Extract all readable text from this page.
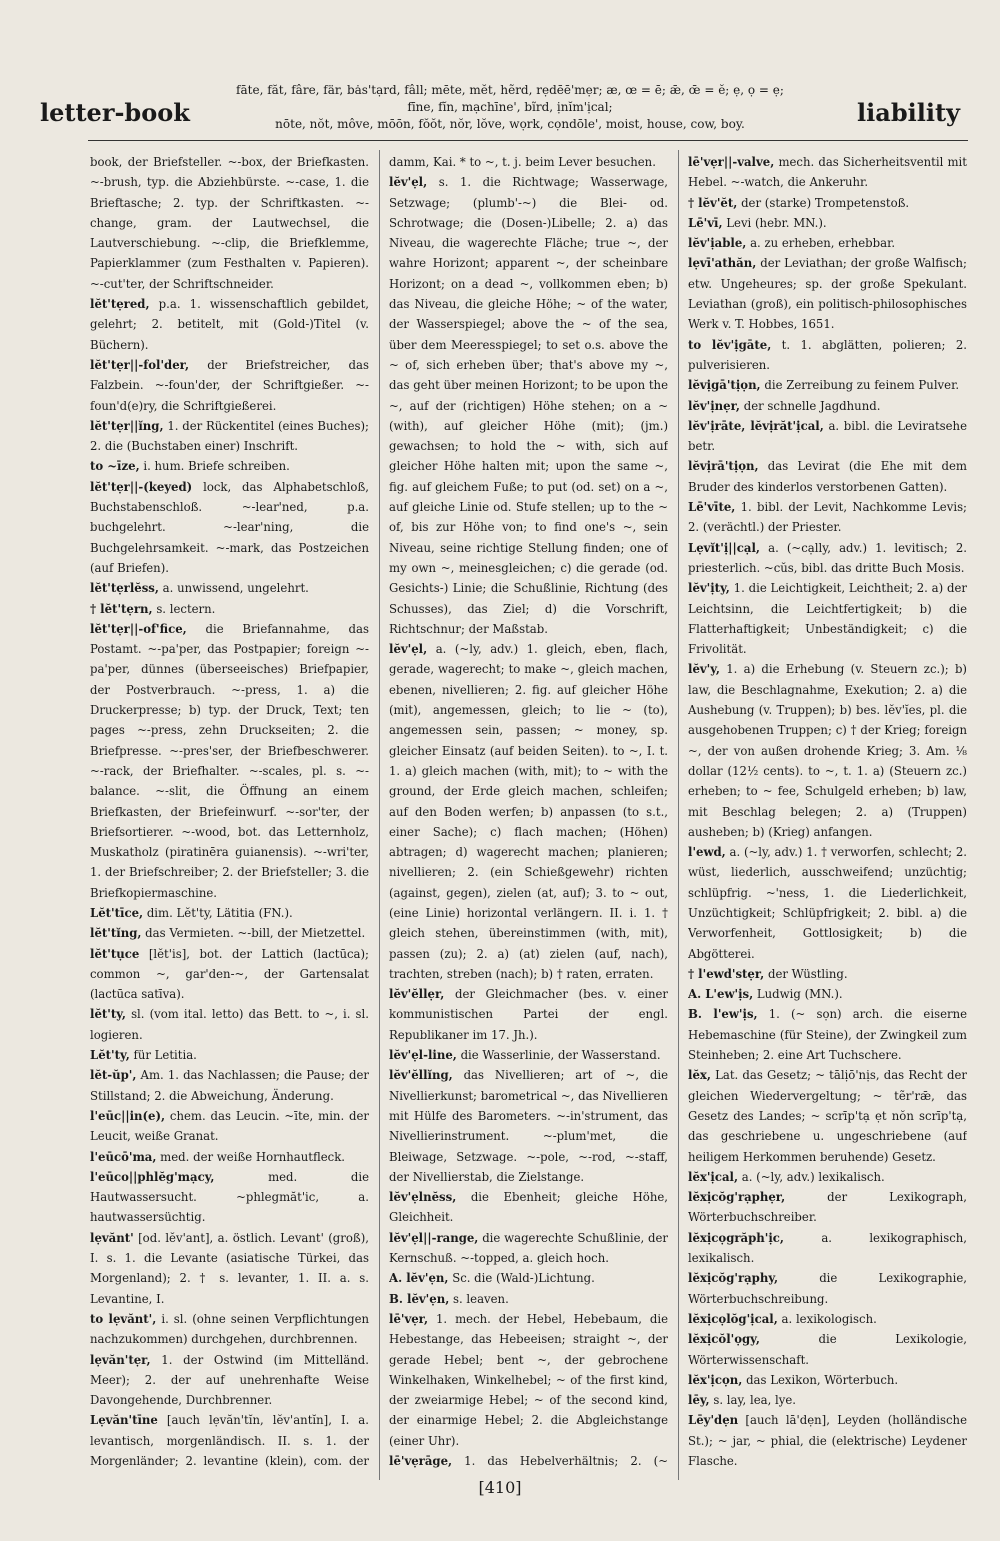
letter-book
fāte, făt, fâre, fär, bȧs'tạrd, fâll; mēte, mĕt, hẽrd, rẹdēē'mẹr; æ, œ = ē; ǣ, œ̄ = ĕ; ẹ, ọ = ẹ;
fīne, fĭn, mạchīne', bĩrd, ịnĭm'ịcal;
nōte, nŏt, môve, mōōn, fŏŏt, nŏr, lŏve, wọrk, cọndōle', moist, house, cow, boy.	liability

book, der Briefsteller. ~-box, der Briefkasten. ~-brush, typ. die Abziehbürste. ~-case, 1. die Brieftasche; 2. typ. der Schriftkasten. ~-change, gram. der Lautwechsel, die Lautverschiebung. ~-clip, die Briefklemme, Papierklammer (zum Festhalten v. Papieren). ~-cut'ter, der Schriftschneider.

lĕt'tẹred, p.a. 1. wissenschaftlich gebildet, gelehrt; 2. betitelt, mit (Gold-)Titel (v. Büchern).

lĕt'tẹr||-fol'der, der Briefstreicher, das Falzbein. ~-foun'der, der Schriftgießer. ~-foun'd(e)ry, die Schriftgießerei.

lĕt'tẹr||ĭng, 1. der Rückentitel (eines Buches); 2. die (Buchstaben einer) Inschrift.

to ~īze, i. hum. Briefe schreiben.

lĕt'tẹr||-(keyed) lock, das Alphabetschloß, Buchstabenschloß. ~-lear'ned, p.a. buchgelehrt. ~-lear'ning, die Buchgelehrsamkeit. ~-mark, das Postzeichen (auf Briefen).

lĕt'tẹrlĕss, a. unwissend, ungelehrt.

† lĕt'tẹrn, s. lectern.

lĕt'tẹr||-of'fice, die Briefannahme, das Postamt. ~-pa'per, das Postpapier; foreign ~-pa'per, dünnes (überseeisches) Briefpapier, der Postverbrauch. ~-press, 1. a) die Druckerpresse; b) typ. der Druck, Text; ten pages ~-press, zehn Druckseiten; 2. die Briefpresse. ~-pres'ser, der Briefbeschwerer. ~-rack, der Briefhalter. ~-scales, pl. s. ~-balance. ~-slit, die Öffnung an einem Briefkasten, der Briefeinwurf. ~-sor'ter, der Briefsortierer. ~-wood, bot. das Letternholz, Muskatholz (piratinēra guianensis). ~-wri'ter, 1. der Briefschreiber; 2. der Briefsteller; 3. die Briefkopiermaschine.

Lĕt'tīce, dim. Lĕt'ty, Lätitia (FN.).

lĕt'tĭng, das Vermieten. ~-bill, der Mietzettel.

lĕt'tụce [lĕt'is], bot. der Lattich (lactūca); common ~, gar'den-~, der Gartensalat (lactūca satīva).

lĕt'ty, sl. (vom ital. letto) das Bett. to ~, i. sl. logieren.

Lĕt'ty, für Letitia.

lĕt-ŭp', Am. 1. das Nachlassen; die Pause; der Stillstand; 2. die Abweichung, Änderung.

l'eūc||in(e), chem. das Leucin. ~īte, min. der Leucit, weiße Granat.

l'eūcō'ma, med. der weiße Hornhautfleck.

l'eūco||phlĕg'mạcy,	med. die Hautwassersucht. ~phlegmăt'ic, a. hautwassersüchtig.

lẹvănt' [od. lĕv'ant], a. östlich. Levant' (groß), I. s. 1. die Levante (asiatische Türkei, das Morgenland); 2. † s. levanter, 1. II. a. s. Levantine, I.

to lẹvănt', i. sl. (ohne seinen Verpflichtungen nachzukommen) durchgehen, durchbrennen.

lẹvăn'tẹr, 1. der Ostwind (im Mittelländ. Meer); 2. der auf unehrenhafte Weise Davongehende, Durchbrenner.

Lẹvăn'tīne [auch lẹvăn'tĭn, lĕv'antĭn], I. a. levantisch, morgenländisch. II. s. 1. der Morgenländer; 2. levantine (klein), com. der

damm, Kai. * to ~, t. j. beim Lever besuchen.

lĕv'ẹl, s. 1. die Richtwage; Wasserwage, Setzwage; (plumb'-~) die Blei- od. Schrotwage; die (Dosen-)Libelle; 2. a) das Niveau, die wagerechte Fläche; true ~, der wahre Horizont; apparent ~, der scheinbare Horizont; on a dead ~, vollkommen eben; b) das Niveau, die gleiche Höhe; ~ of the water, der Wasserspiegel; above the ~ of the sea, über dem Meeresspiegel; to set o.s. above the ~ of, sich erheben über; that's above my ~, das geht über meinen Horizont; to be upon the ~, auf der (richtigen) Höhe stehen; on a ~ (with), auf gleicher Höhe (mit); (jm.) gewachsen; to hold the ~ with, sich auf gleicher Höhe halten mit; upon the same ~, fig. auf gleichem Fuße; to put (od. set) on a ~, auf gleiche Linie od. Stufe stellen; up to the ~ of, bis zur Höhe von; to find one's ~, sein Niveau, seine richtige Stellung finden; one of my own ~, meinesgleichen; c) die gerade (od. Gesichts-) Linie; die Schußlinie, Richtung (des Schusses), das Ziel; d) die Vorschrift, Richtschnur; der Maßstab.

lĕv'ẹl, a. (~ly, adv.) 1. gleich, eben, flach, gerade, wagerecht; to make ~, gleich machen, ebenen, nivellieren; 2. fig. auf gleicher Höhe (mit), angemessen, gleich; to lie ~ (to), angemessen sein, passen; ~ money, sp. gleicher Einsatz (auf beiden Seiten). to ~, I. t. 1. a) gleich machen (with, mit); to ~ with the ground, der Erde gleich machen, schleifen; auf den Boden werfen; b) anpassen (to s.t., einer Sache); c) flach machen; (Höhen) abtragen; d) wagerecht machen; planieren; nivellieren; 2. (ein Schießgewehr) richten (against, gegen), zielen (at, auf); 3. to ~ out, (eine Linie) horizontal verlängern. II. i. 1. † gleich stehen, übereinstimmen (with, mit), passen (zu); 2. a) (at) zielen (auf, nach), trachten, streben (nach); b) † raten, erraten.

lĕv'ĕllẹr, der Gleichmacher (bes. v. einer kommunistischen Partei der engl. Republikaner im 17. Jh.).

lĕv'ẹl-line, die Wasserlinie, der Wasserstand.

lĕv'ĕllĭng, das Nivellieren; art of ~, die Nivellierkunst; barometrical ~, das Nivellieren mit Hülfe des Barometers. ~-in'strument, das Nivellierinstrument. ~-plum'met, die Bleiwage, Setzwage. ~-pole, ~-rod, ~-staff, der Nivellierstab, die Zielstange.

lĕv'ẹlnĕss, die Ebenheit; gleiche Höhe, Gleichheit.

lĕv'ẹl||-range, die wagerechte Schußlinie, der Kernschuß. ~-topped, a. gleich hoch.

A. lĕv'ẹn, Sc. die (Wald-)Lichtung.

B. lĕv'ẹn, s. leaven.

lē'vẹr, 1. mech. der Hebel, Hebebaum, die Hebestange, das Hebeeisen; straight ~, der gerade Hebel; bent ~, der gebrochene Winkelhaken, Winkelhebel; ~ of the first kind, der zweiarmige Hebel; ~ of the second kind, der einarmige Hebel; 2. die Abgleichstange (einer Uhr).

lē'vẹrāge, 1. das Hebelverhältnis; 2. (~

lē'vẹr||-valve, mech. das Sicherheitsventil mit Hebel. ~-watch, die Ankeruhr.

† lĕv'ĕt, der (starke) Trompetenstoß.

Lē'vī, Levi (hebr. MN.).

lĕv'ịable, a. zu erheben, erhebbar.

lẹvī'athăn, der Leviathan; der große Walfisch; etw. Ungeheures; sp. der große Spekulant. Leviathan (groß), ein politisch-philosophisches Werk v. T. Hobbes, 1651.

to lĕv'ịgāte, t. 1. abglätten, polieren; 2. pulverisieren.

lĕvịgā'tịọn, die Zerreibung zu feinem Pulver.

lĕv'ịnẹr, der schnelle Jagdhund.

lĕv'ịrāte, lĕvịrăt'ịcal, a. bibl. die Leviratsehe betr.

lĕvịrā'tịọn, das Levirat (die Ehe mit dem Bruder des kinderlos verstorbenen Gatten).

Lē'vīte, 1. bibl. der Levit, Nachkomme Levis; 2. (verächtl.) der Priester.

Lẹvĭt'ị||cạl, a. (~cạlly, adv.) 1. levitisch; 2. priesterlich. ~cŭs, bibl. das dritte Buch Mosis.

lĕv'ịty, 1. die Leichtigkeit, Leichtheit; 2. a) der Leichtsinn, die Leichtfertigkeit; b) die Flatterhaftigkeit; Unbeständigkeit; c) die Frivolität.

lĕv'y, 1. a) die Erhebung (v. Steuern zc.); b) law, die Beschlagnahme, Exekution; 2. a) die Aushebung (v. Truppen); b) bes. lĕv'ĭes, pl. die ausgehobenen Truppen; c) † der Krieg; foreign ~, der von außen drohende Krieg; 3. Am. ⅛ dollar (12½ cents). to ~, t. 1. a) (Steuern zc.) erheben; to ~ fee, Schulgeld erheben; b) law, mit Beschlag belegen; 2. a) (Truppen) ausheben; b) (Krieg) anfangen.

l'ewd, a. (~ly, adv.) 1. † verworfen, schlecht; 2. wüst, liederlich, ausschweifend; unzüchtig; schlüpfrig. ~'ness, 1. die Liederlichkeit, Unzüchtigkeit; Schlüpfrigkeit; 2. bibl. a) die Verworfenheit, Gottlosigkeit; b) die Abgötterei.

† l'ewd'stẹr, der Wüstling.

A. L'ew'ịs, Ludwig (MN.).

B. l'ew'ịs, 1. (~ sọn) arch. die eiserne Hebemaschine (für Steine), der Zwingkeil zum Steinheben; 2. eine Art Tuchschere.

lĕx, Lat. das Gesetz; ~ tālịō'nịs, das Recht der gleichen Wiedervergeltung; ~ tẽr'rǣ, das Gesetz des Landes; ~ scrīp'tạ ẹt nŏn scrīp'tạ, das geschriebene u. ungeschriebene (auf heiligem Herkommen beruhende) Gesetz.

lĕx'ịcal, a. (~ly, adv.) lexikalisch.

lĕxịcŏg'rạphẹr,	der Lexikograph, Wörterbuchschreiber.

lĕxịcọgrăph'ịc,	a. lexikographisch, lexikalisch.

lĕxịcŏg'rạphy,	die Lexikographie, Wörterbuchschreibung.

lĕxịcọlŏg'ịcal, a. lexikologisch.

lĕxịcŏl'ọgy,	die Lexikologie, Wörterwissenschaft.

lĕx'ịcọn, das Lexikon, Wörterbuch.

lēy, s. lay, lea, lye.

Lēy'dẹn [auch lā'dẹn], Leyden (holländische St.); ~ jar, ~ phial, die (elektrische) Leydener Flasche.

[410]
